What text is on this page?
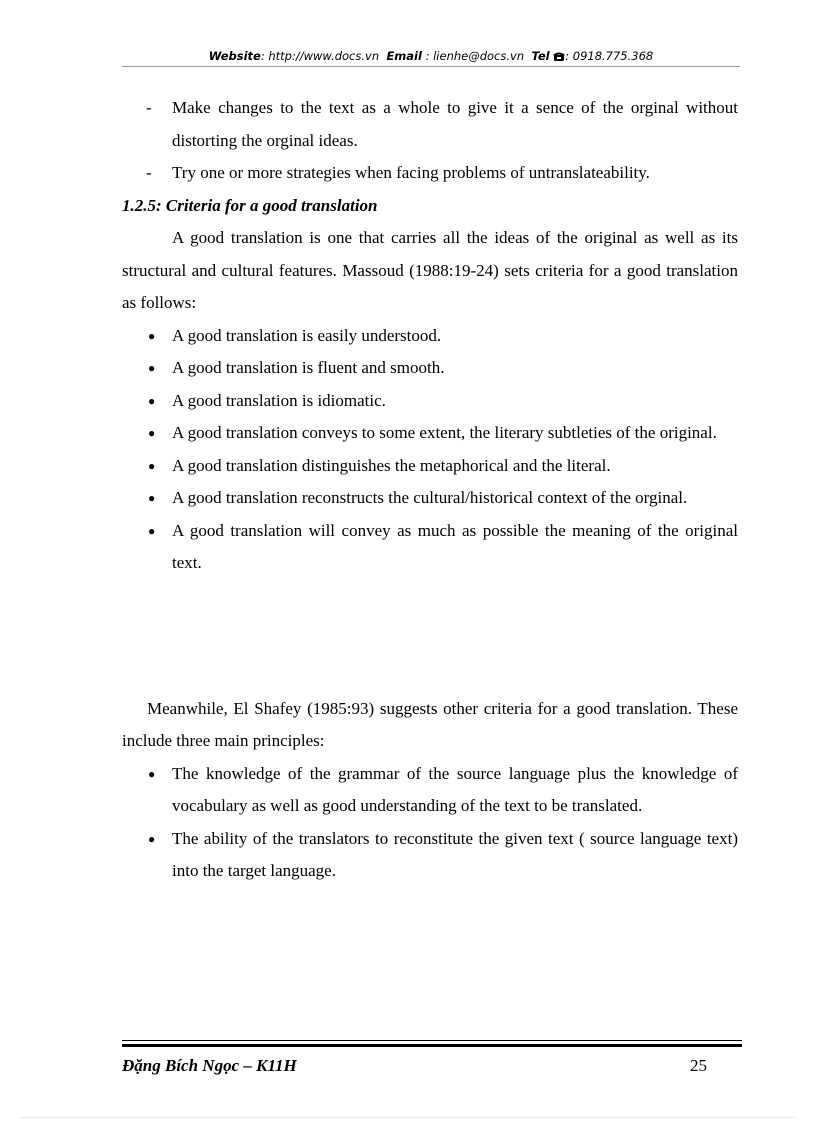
Website: http://www.docs.vn Email : lienhe@docs.vn Tel : 0918.775.368
- Make changes to the text as a whole to give it a sence of the orginal without distorting the orginal ideas.
- Try one or more strategies when facing problems of untranslateability.
1.2.5: Criteria for a good translation

A good translation is one that carries all the ideas of the original as well as its structural and cultural features. Massoud (1988:19-24) sets criteria for a good translation as follows:

● A good translation is easily understood.
● A good translation is fluent and smooth.
● A good translation is idiomatic.
● A good translation conveys to some extent, the literary subtleties of the original.
● A good translation distinguishes the metaphorical and the literal.
● A good translation reconstructs the cultural/historical context of the orginal.
● A good translation will convey as much as possible the meaning of the original text.

Meanwhile, El Shafey (1985:93) suggests other criteria for a good translation. These include three main principles:

● The knowledge of the grammar of the source language plus the knowledge of vocabulary as well as good understanding of the text to be translated.
● The ability of the translators to reconstitute the given text ( source language text) into the target language.
Đặng Bích Ngọc – K11H	25
